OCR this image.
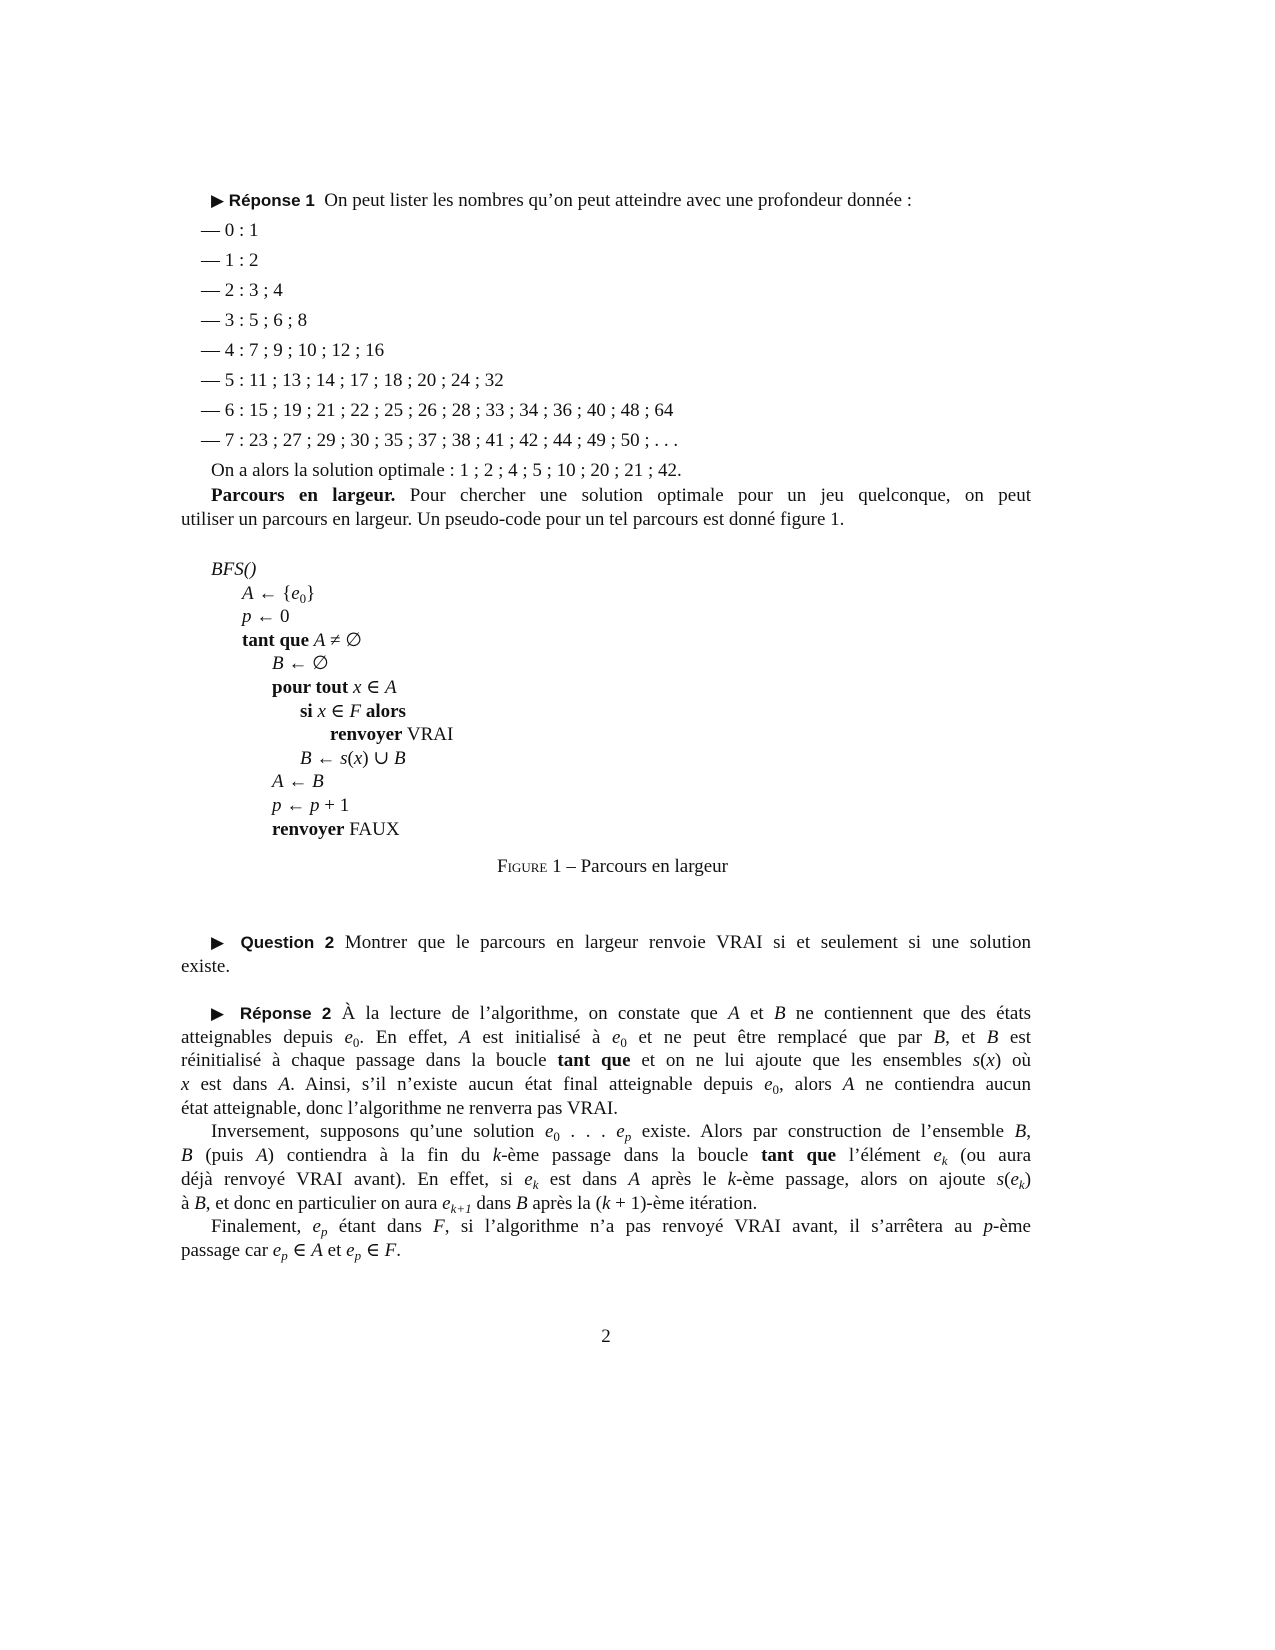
▶ Réponse 1  On peut lister les nombres qu’on peut atteindre avec une profondeur donnée :
— 0 : 1
— 1 : 2
— 2 : 3 ; 4
— 3 : 5 ; 6 ; 8
— 4 : 7 ; 9 ; 10 ; 12 ; 16
— 5 : 11 ; 13 ; 14 ; 17 ; 18 ; 20 ; 24 ; 32
— 6 : 15 ; 19 ; 21 ; 22 ; 25 ; 26 ; 28 ; 33 ; 34 ; 36 ; 40 ; 48 ; 64
— 7 : 23 ; 27 ; 29 ; 30 ; 35 ; 37 ; 38 ; 41 ; 42 ; 44 ; 49 ; 50 ; . . .
On a alors la solution optimale : 1 ; 2 ; 4 ; 5 ; 10 ; 20 ; 21 ; 42.
Parcours en largeur. Pour chercher une solution optimale pour un jeu quelconque, on peut
utiliser un parcours en largeur. Un pseudo-code pour un tel parcours est donné figure 1.
BFS()
A ← $\{e_0\}$
p ← 0
tant que A ≠ ∅
B ← ∅
pour tout x ∈ A
si x ∈ F alors
renvoyer VRAI
B ← s(x) ∪ B
A ← B
p ← p + 1
renvoyer FAUX
Figure 1 – Parcours en largeur
▶ Question 2 Montrer que le parcours en largeur renvoie VRAI si et seulement si une solution
existe.
▶ Réponse 2 À la lecture de l’algorithme, on constate que A et B ne contiennent que des états
atteignables depuis $e_0$. En effet, A est initialisé à $e_0$ et ne peut être remplacé que par B, et B est
réinitialisé à chaque passage dans la boucle tant que et on ne lui ajoute que les ensembles s(x) où
x est dans A. Ainsi, s’il n’existe aucun état final atteignable depuis $e_0$, alors A ne contiendra aucun
état atteignable, donc l’algorithme ne renverra pas VRAI.
Inversement, supposons qu’une solution $e_0$ . . . $e_p$ existe. Alors par construction de l’ensemble B,
B (puis A) contiendra à la fin du k-ème passage dans la boucle tant que l’élément $e_k$ (ou aura
déjà renvoyé VRAI avant). En effet, si $e_k$ est dans A après le k-ème passage, alors on ajoute $s(e_k)$
à B, et donc en particulier on aura $e_{k+1}$ dans B après la (k + 1)-ème itération.
Finalement, $e_p$ étant dans F, si l’algorithme n’a pas renvoyé VRAI avant, il s’arrêtera au p-ème
passage car $e_p$ ∈ A et $e_p$ ∈ F.
2
